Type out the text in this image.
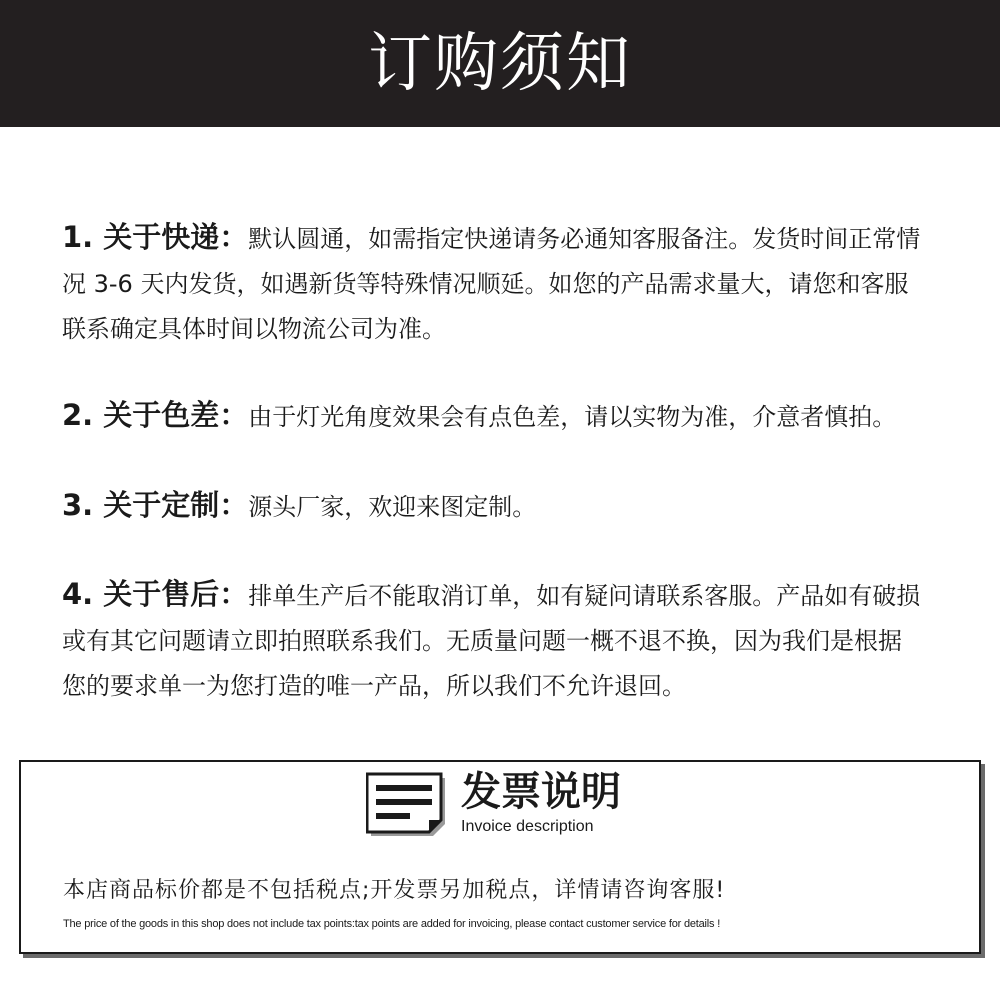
订购须知
1. 关于快递：默认圆通，如需指定快递请务必通知客服备注。发货时间正常情况 3-6 天内发货，如遇新货等特殊情况顺延。如您的产品需求量大，请您和客服联系确定具体时间以物流公司为准。
2. 关于色差：由于灯光角度效果会有点色差，请以实物为准，介意者慎拍。
3. 关于定制：源头厂家，欢迎来图定制。
4. 关于售后：排单生产后不能取消订单，如有疑问请联系客服。产品如有破损或有其它问题请立即拍照联系我们。无质量问题一概不退不换，因为我们是根据您的要求单一为您打造的唯一产品，所以我们不允许退回。
发票说明
Invoice description
本店商品标价都是不包括税点;开发票另加税点，详情请咨询客服!
The price of the goods in this shop does not include tax points:tax points are added for invoicing, please contact customer service for details !
